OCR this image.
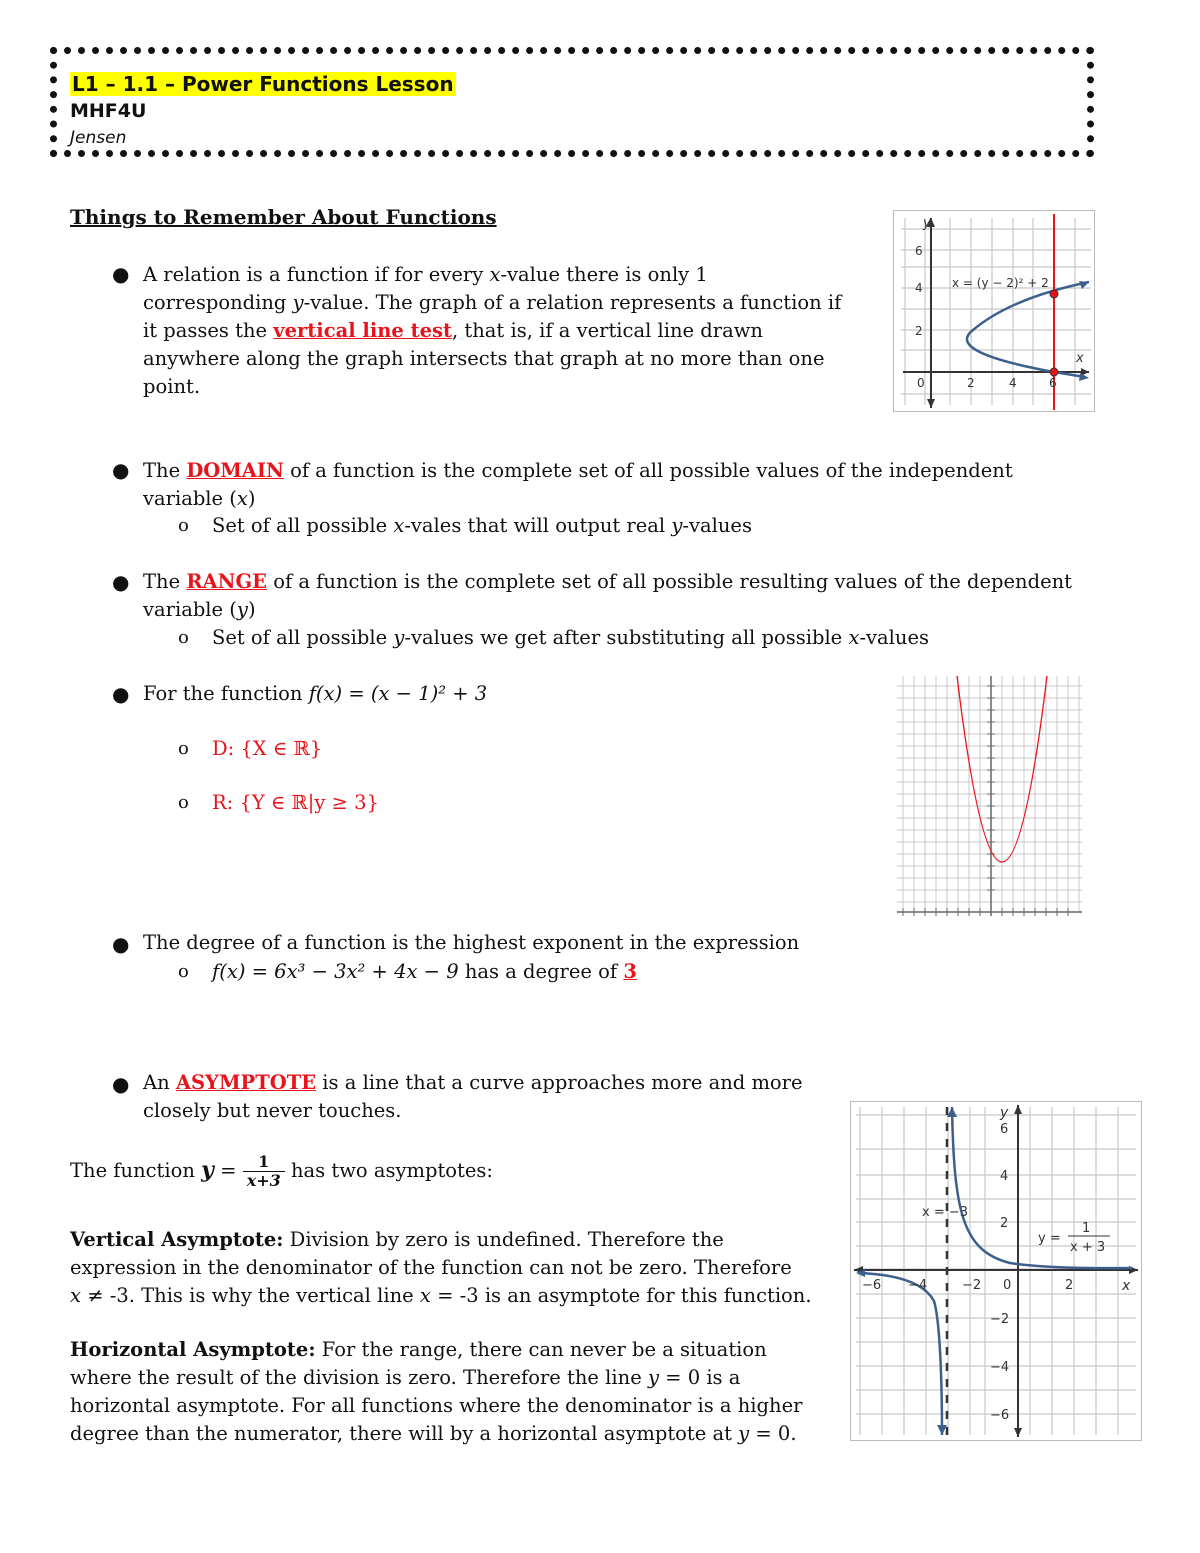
L1 – 1.1 – Power Functions Lesson
MHF4U
Jensen
Things to Remember About Functions
● A relation is a function if for every x-value there is only 1
corresponding y-value. The graph of a relation represents a function if
it passes the vertical line test, that is, if a vertical line drawn
anywhere along the graph intersects that graph at no more than one
point.
x = (y − 2)² + 2
y
x
0	2	4	6
2
4
6
● The DOMAIN of a function is the complete set of all possible values of the independent
variable (x)
o Set of all possible x-vales that will output real y-values
● The RANGE of a function is the complete set of all possible resulting values of the dependent
variable (y)
o Set of all possible y-values we get after substituting all possible x-values
● For the function f(x) = (x − 1)² + 3
o D: {X ∈ ℝ}
o R: {Y ∈ ℝ|y ≥ 3}
● The degree of a function is the highest exponent in the expression
o f(x) = 6x³ − 3x² + 4x − 9 has a degree of 3
● An ASYMPTOTE is a line that a curve approaches more and more
closely but never touches.
The function $y = \frac{1}{x+3}$ has two asymptotes:
Vertical Asymptote: Division by zero is undefined. Therefore the
expression in the denominator of the function can not be zero. Therefore
x ≠ -3. This is why the vertical line x = -3 is an asymptote for this function.
Horizontal Asymptote: For the range, there can never be a situation
where the result of the division is zero. Therefore the line y = 0 is a
horizontal asymptote. For all functions where the denominator is a higher
degree than the numerator, there will by a horizontal asymptote at y = 0.
x = −3
y =
1
x + 3
y
x
−6 −4	−2 0	2
6
4
2
−2
−4
−6
